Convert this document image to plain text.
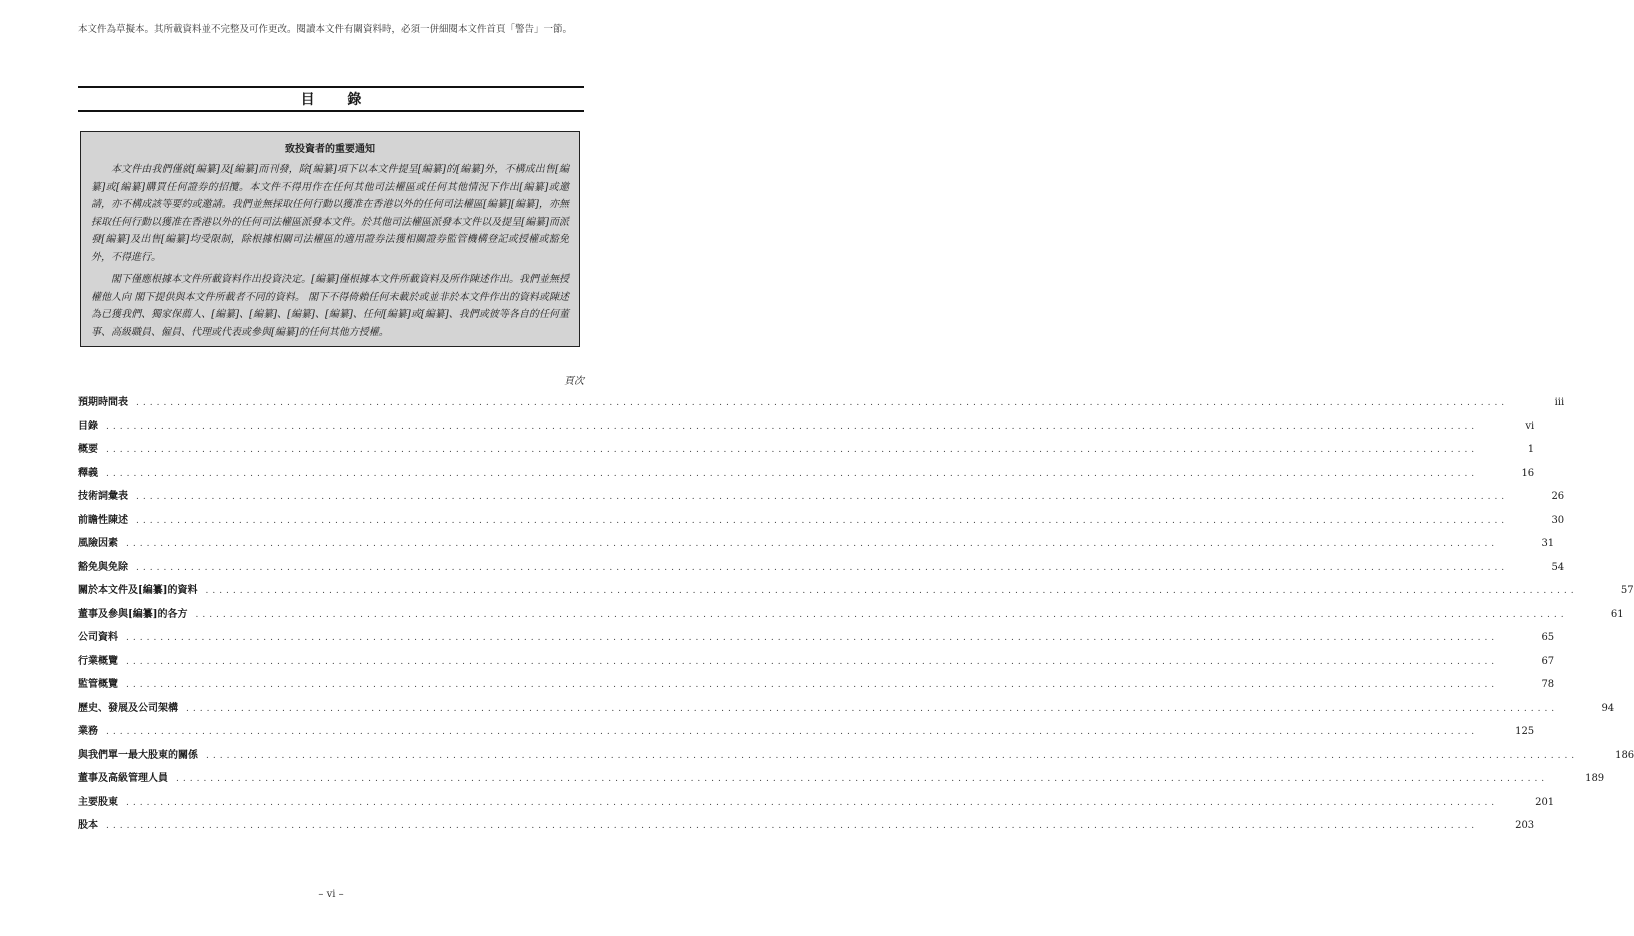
本文件為草擬本。其所載資料並不完整及可作更改。閱讀本文件有關資料時，必須一併細閱本文件首頁「警告」一節。
目 錄
致投資者的重要通知

本文件由我們僅就[編纂]及[編纂]而刊發，除[編纂]項下以本文件提呈[編纂]的[編纂]外，不構成出售[編纂]或[編纂]購買任何證券的招攬。本文件不得用作在任何其他司法權區或任何其他情況下作出[編纂]或邀請，亦不構成該等要約或邀請。我們並無採取任何行動以獲准在香港以外的任何司法權區[編纂][編纂]，亦無採取任何行動以獲准在香港以外的任何司法權區派發本文件。於其他司法權區派發本文件以及提呈[編纂]而派發[編纂]及出售[編纂]均受限制，除根據相關司法權區的適用證券法獲相關證券監管機構登記或授權或豁免外，不得進行。

閣下僅應根據本文件所載資料作出投資決定。[編纂]僅根據本文件所載資料及所作陳述作出。我們並無授權他人向 閣下提供與本文件所載者不同的資料。 閣下不得倚賴任何未載於或並非於本文件作出的資料或陳述為已獲我們、獨家保薦人、[編纂]、[編纂]、[編纂]、[編纂]、任何[編纂]或[編纂]、我們或彼等各自的任何董事、高級職員、僱員、代理或代表或參與[編纂]的任何其他方授權。

頁次
預期時間表 ........................................................................................................................................................................................................	iii
目錄 ........................................................................................................................................................................................................	vi
概要 ........................................................................................................................................................................................................	1
釋義 ........................................................................................................................................................................................................	16
技術詞彙表 ........................................................................................................................................................................................................	26
前瞻性陳述 ........................................................................................................................................................................................................	30
風險因素 ........................................................................................................................................................................................................	31
豁免與免除 ........................................................................................................................................................................................................	54
關於本文件及[編纂]的資料 ........................................................................................................................................................................................................	57
董事及參與[編纂]的各方 ........................................................................................................................................................................................................	61
公司資料 ........................................................................................................................................................................................................	65
行業概覽 ........................................................................................................................................................................................................	67
監管概覽 ........................................................................................................................................................................................................	78
歷史、發展及公司架構 ........................................................................................................................................................................................................	94
業務 ........................................................................................................................................................................................................	125
與我們單一最大股東的關係 ........................................................................................................................................................................................................	186
董事及高級管理人員 ........................................................................................................................................................................................................	189
主要股東 ........................................................................................................................................................................................................	201
股本 ........................................................................................................................................................................................................	203
– vi –
